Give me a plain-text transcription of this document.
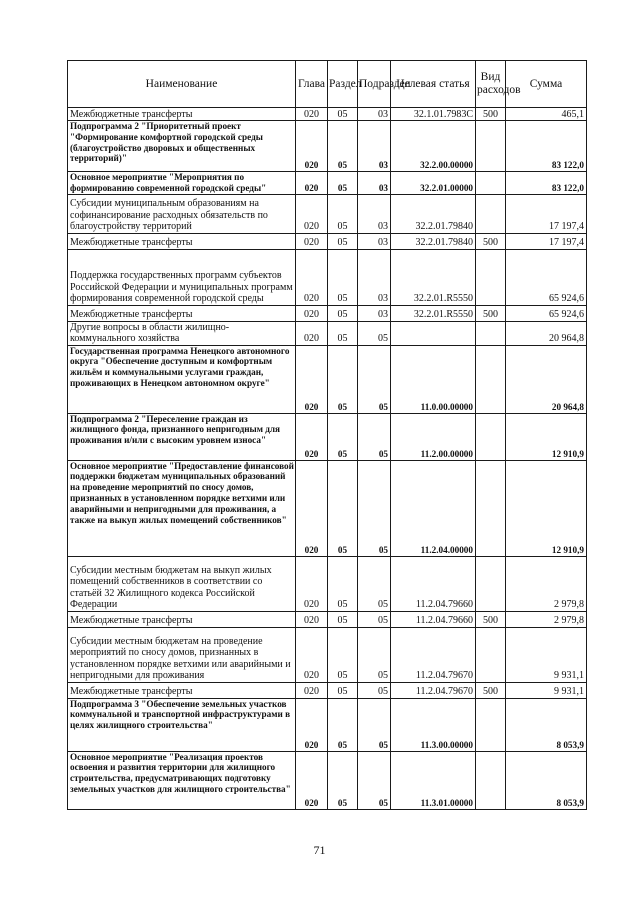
Наименование	Глава	Раздел	Подраздел	Целевая статья	Вид расходов	Сумма
Межбюджетные трансферты	020	05	03	32.1.01.7983C	500	465,1
Подпрограмма 2 "Приоритетный проект "Формирование комфортной городской среды (благоустройство дворовых и общественных территорий)"	020	05	03	32.2.00.00000		83 122,0
Основное мероприятие "Мероприятия по формированию современной городской среды"	020	05	03	32.2.01.00000		83 122,0
Субсидии муниципальным образованиям на софинансирование расходных обязательств по благоустройству территорий	020	05	03	32.2.01.79840		17 197,4
Межбюджетные трансферты	020	05	03	32.2.01.79840	500	17 197,4
Поддержка государственных программ субъектов Российской Федерации и муниципальных программ формирования современной городской среды	020	05	03	32.2.01.R5550		65 924,6
Межбюджетные трансферты	020	05	03	32.2.01.R5550	500	65 924,6
Другие вопросы в области жилищно-коммунального хозяйства	020	05	05			20 964,8
Государственная программа Ненецкого автономного округа "Обеспечение доступным и комфортным жильём и коммунальными услугами граждан, проживающих в Ненецком автономном округе"	020	05	05	11.0.00.00000		20 964,8
Подпрограмма 2 "Переселение граждан из жилищного фонда, признанного непригодным для проживания и/или с высоким уровнем износа"	020	05	05	11.2.00.00000		12 910,9
Основное мероприятие "Предоставление финансовой поддержки бюджетам муниципальных образований на проведение мероприятий по сносу домов, признанных в установленном порядке ветхими или аварийными и непригодными для проживания, а также на выкуп жилых помещений собственников"	020	05	05	11.2.04.00000		12 910,9
Субсидии местным бюджетам на выкуп жилых помещений собственников в соответствии со статьёй 32 Жилищного кодекса Российской Федерации	020	05	05	11.2.04.79660		2 979,8
Межбюджетные трансферты	020	05	05	11.2.04.79660	500	2 979,8
Субсидии местным бюджетам на проведение мероприятий по сносу домов, признанных в установленном порядке ветхими или аварийными и непригодными для проживания	020	05	05	11.2.04.79670		9 931,1
Межбюджетные трансферты	020	05	05	11.2.04.79670	500	9 931,1
Подпрограмма 3 "Обеспечение земельных участков коммунальной и транспортной инфраструктурами в целях жилищного строительства"	020	05	05	11.3.00.00000		8 053,9
Основное мероприятие "Реализация проектов освоения и развития территории для жилищного строительства, предусматривающих подготовку земельных участков для жилищного строительства"	020	05	05	11.3.01.00000		8 053,9
71
